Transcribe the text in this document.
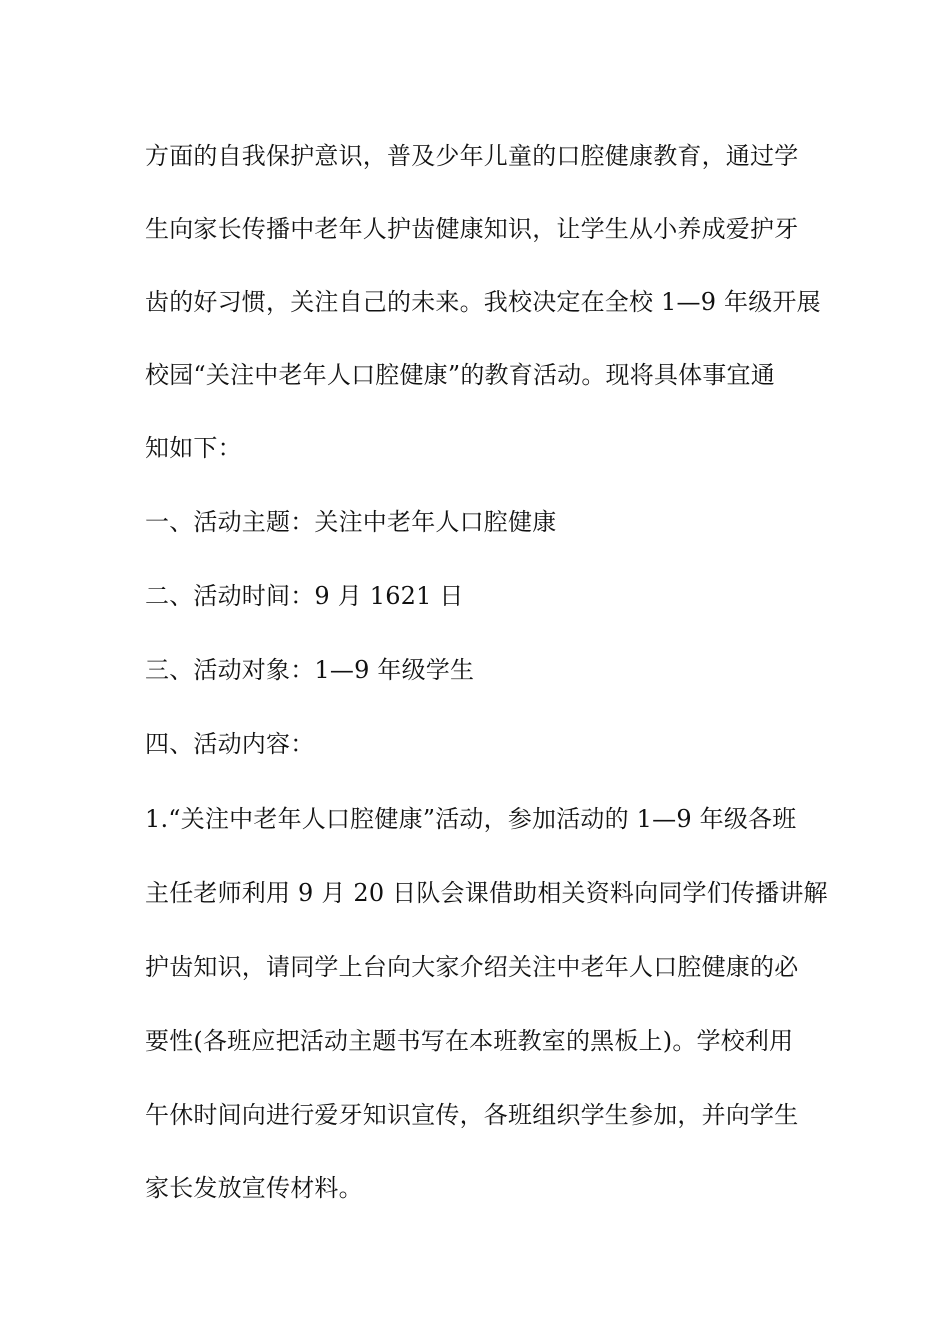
方面的自我保护意识，普及少年儿童的口腔健康教育，通过学
生向家长传播中老年人护齿健康知识，让学生从小养成爱护牙
齿的好习惯，关注自己的未来。我校决定在全校 1—9 年级开展
校园“关注中老年人口腔健康”的教育活动。现将具体事宜通
知如下：
一、活动主题：关注中老年人口腔健康
二、活动时间：9 月 1621 日
三、活动对象：1—9 年级学生
四、活动内容：
1.“关注中老年人口腔健康”活动，参加活动的 1—9 年级各班
主任老师利用 9 月 20 日队会课借助相关资料向同学们传播讲解
护齿知识，请同学上台向大家介绍关注中老年人口腔健康的必
要性(各班应把活动主题书写在本班教室的黑板上)。学校利用
午休时间向进行爱牙知识宣传，各班组织学生参加，并向学生
家长发放宣传材料。
